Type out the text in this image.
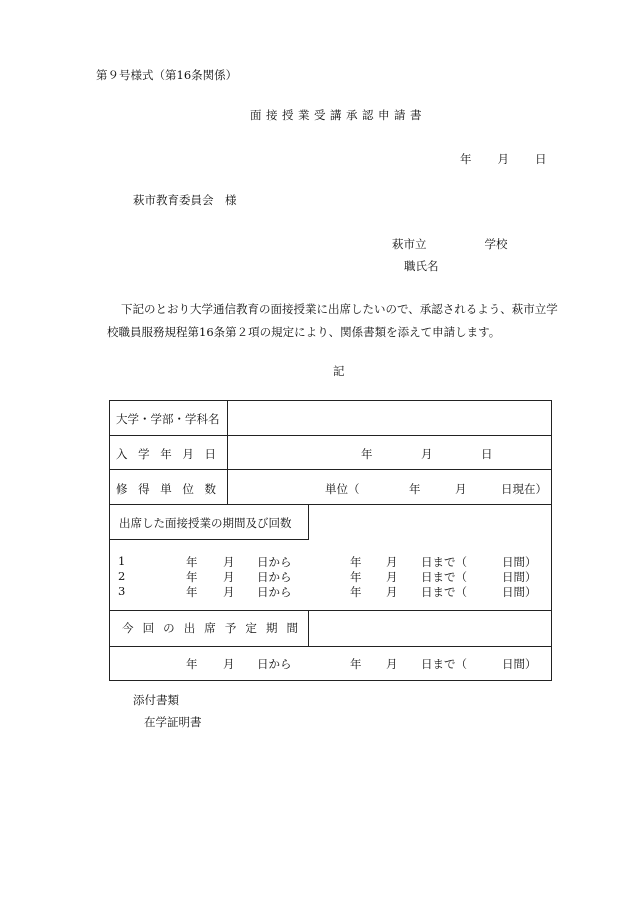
第９号様式（第16条関係）
面接授業受講承認申請書
年 月 日
萩市教育委員会　様
萩市立	学校
職氏名

下記のとおり大学通信教育の面接授業に出席したいので、承認されるよう、萩市立学

校職員服務規程第16条第２項の規定により、関係書類を添えて申請します。

記
大学・学部・学科名
入 学 年 月 日	年	月	日
修 得 単 位 数	単位（	年	月	日現在）
出席した面接授業の期間及び回数
1	年 月 日から	年 月 日まで（	日間）
2	年 月 日から	年 月 日まで（	日間）
3	年 月 日から	年 月 日まで（	日間）
今 回 の 出 席 予 定 期 間
年 月 日から	年 月 日まで（	日間）
添付書類
在学証明書
